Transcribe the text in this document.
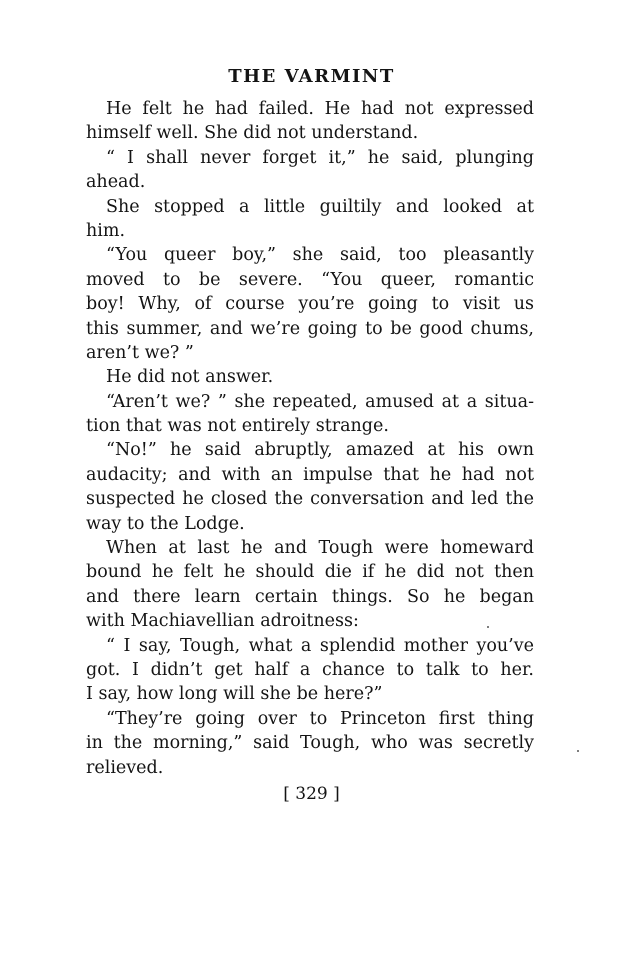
THE VARMINT
He felt he had failed. He had not expressed
himself well. She did not understand.
“ I shall never forget it,” he said, plunging
ahead.
She stopped a little guiltily and looked at
him.
“You queer boy,” she said, too pleasantly
moved to be severe. “You queer, romantic
boy! Why, of course you’re going to visit us
this summer, and we’re going to be good chums,
aren’t we? ”
He did not answer.
“Aren’t we? ” she repeated, amused at a situa-
tion that was not entirely strange.
“No!” he said abruptly, amazed at his own
audacity; and with an impulse that he had not
suspected he closed the conversation and led the
way to the Lodge.
When at last he and Tough were homeward
bound he felt he should die if he did not then
and there learn certain things. So he began
with Machiavellian adroitness:
“ I say, Tough, what a splendid mother you’ve
got. I didn’t get half a chance to talk to her.
I say, how long will she be here?”
“They’re going over to Princeton first thing
in the morning,” said Tough, who was secretly
relieved.
[ 329 ]
